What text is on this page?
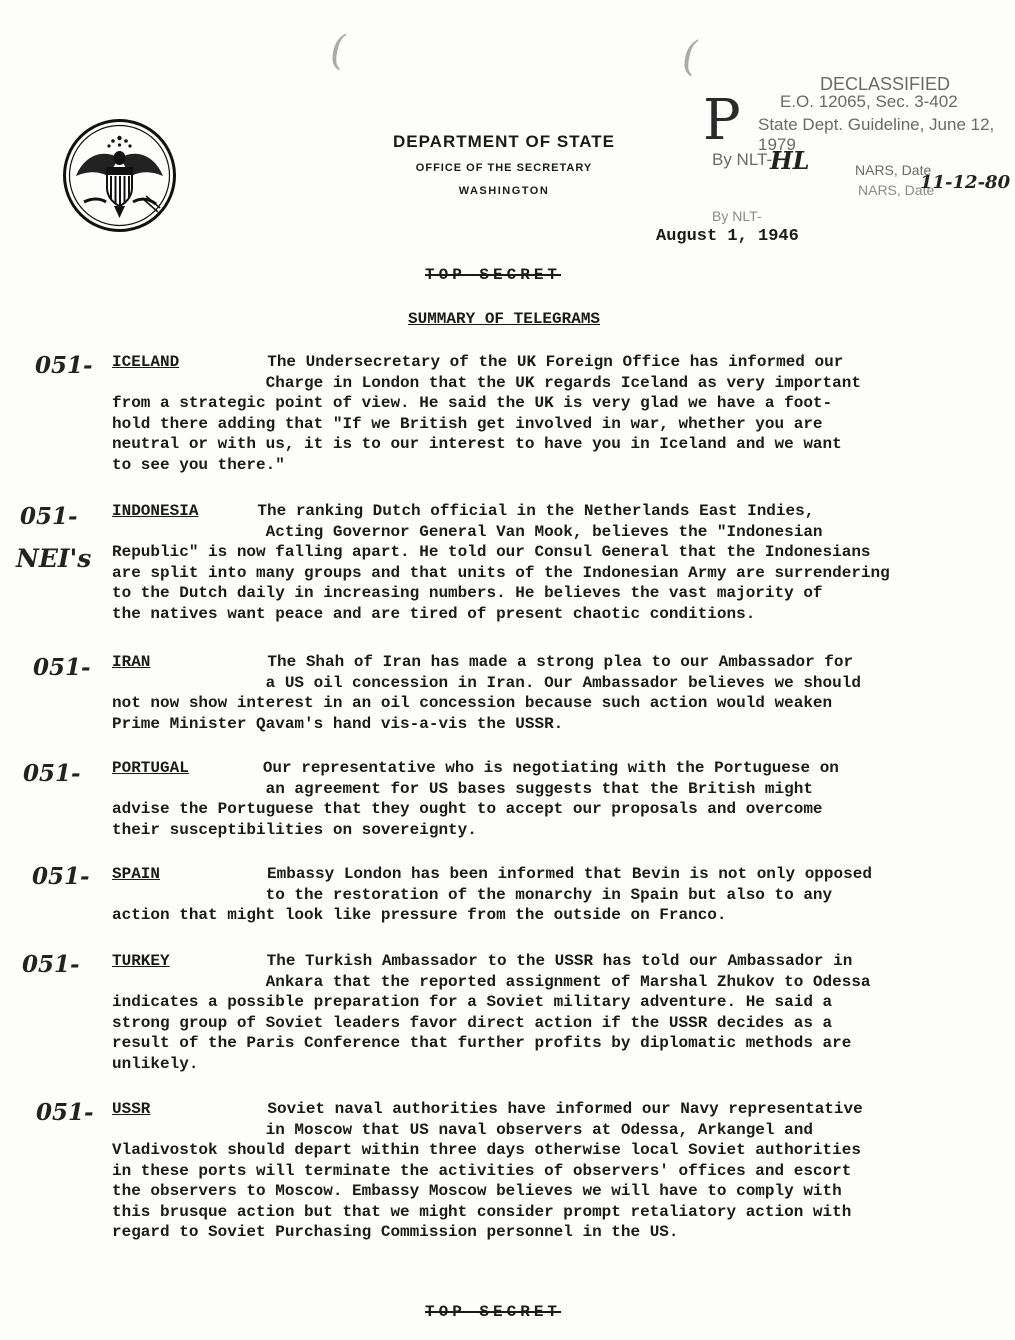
(	(
DEPARTMENT OF STATE
OFFICE OF THE SECRETARY
WASHINGTON
P
DECLASSIFIED
E.O. 12065, Sec. 3-402
State Dept. Guideline, June 12, 1979
By NLT-
NARS, Date
NARS, Date
By NLT-
HL
11-12-80
August 1, 1946
TOP SECRET
SUMMARY OF TELEGRAMS
051-
051-
NEI's
051-
051-
051-
051-
051-
ICELAND	The Undersecretary of the UK Foreign Office has informed our
Charge in London that the UK regards Iceland as very important
from a strategic point of view. He said the UK is very glad we have a foot-
hold there adding that "If we British get involved in war, whether you are
neutral or with us, it is to our interest to have you in Iceland and we want
to see you there."
INDONESIA	The ranking Dutch official in the Netherlands East Indies,
Acting Governor General Van Mook, believes the "Indonesian
Republic" is now falling apart. He told our Consul General that the Indonesians
are split into many groups and that units of the Indonesian Army are surrendering
to the Dutch daily in increasing numbers. He believes the vast majority of
the natives want peace and are tired of present chaotic conditions.
IRAN	The Shah of Iran has made a strong plea to our Ambassador for
a US oil concession in Iran. Our Ambassador believes we should
not now show interest in an oil concession because such action would weaken
Prime Minister Qavam's hand vis-a-vis the USSR.
PORTUGAL	Our representative who is negotiating with the Portuguese on
an agreement for US bases suggests that the British might
advise the Portuguese that they ought to accept our proposals and overcome
their susceptibilities on sovereignty.
SPAIN	Embassy London has been informed that Bevin is not only opposed
to the restoration of the monarchy in Spain but also to any
action that might look like pressure from the outside on Franco.
TURKEY	The Turkish Ambassador to the USSR has told our Ambassador in
Ankara that the reported assignment of Marshal Zhukov to Odessa
indicates a possible preparation for a Soviet military adventure. He said a
strong group of Soviet leaders favor direct action if the USSR decides as a
result of the Paris Conference that further profits by diplomatic methods are
unlikely.
USSR	Soviet naval authorities have informed our Navy representative
in Moscow that US naval observers at Odessa, Arkangel and
Vladivostok should depart within three days otherwise local Soviet authorities
in these ports will terminate the activities of observers' offices and escort
the observers to Moscow. Embassy Moscow believes we will have to comply with
this brusque action but that we might consider prompt retaliatory action with
regard to Soviet Purchasing Commission personnel in the US.
TOP SECRET
